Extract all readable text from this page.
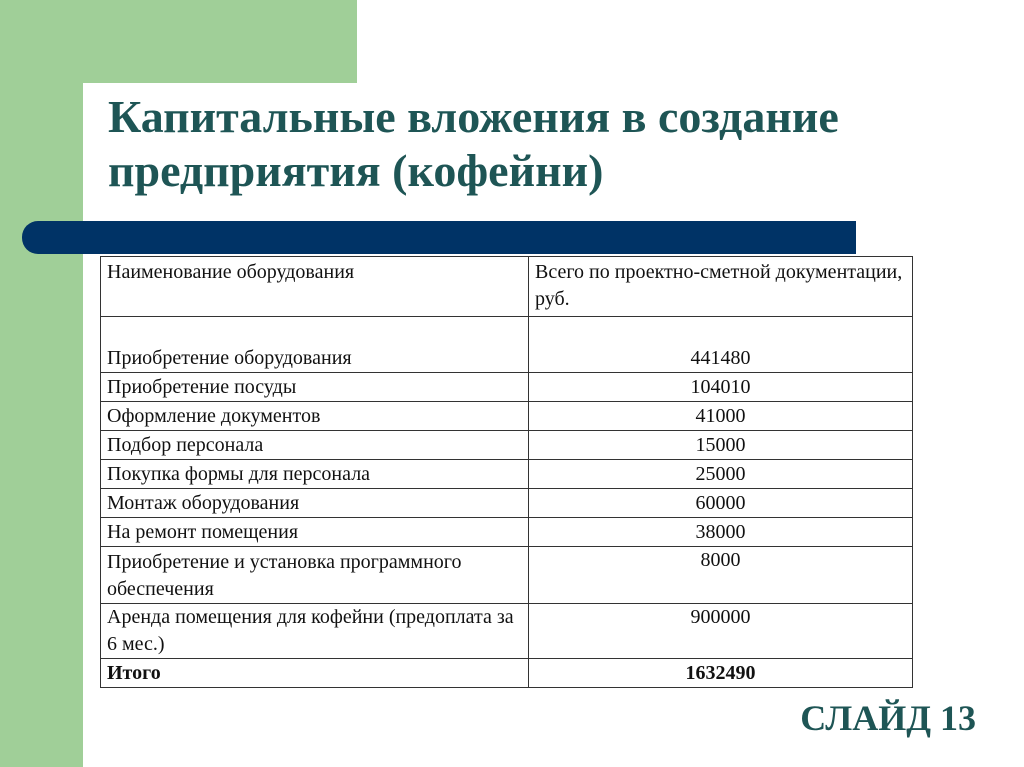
Капитальные вложения в создание предприятия (кофейни)
Наименование оборудования	Всего по проектно-сметной документации, руб.
Приобретение оборудования	441480
Приобретение посуды	104010
Оформление документов	41000
Подбор персонала	15000
Покупка формы для персонала	25000
Монтаж оборудования	60000
На ремонт помещения	38000
Приобретение и установка программного обеспечения	8000
Аренда помещения для кофейни (предоплата за 6 мес.)	900000
Итого	1632490
СЛАЙД 13
